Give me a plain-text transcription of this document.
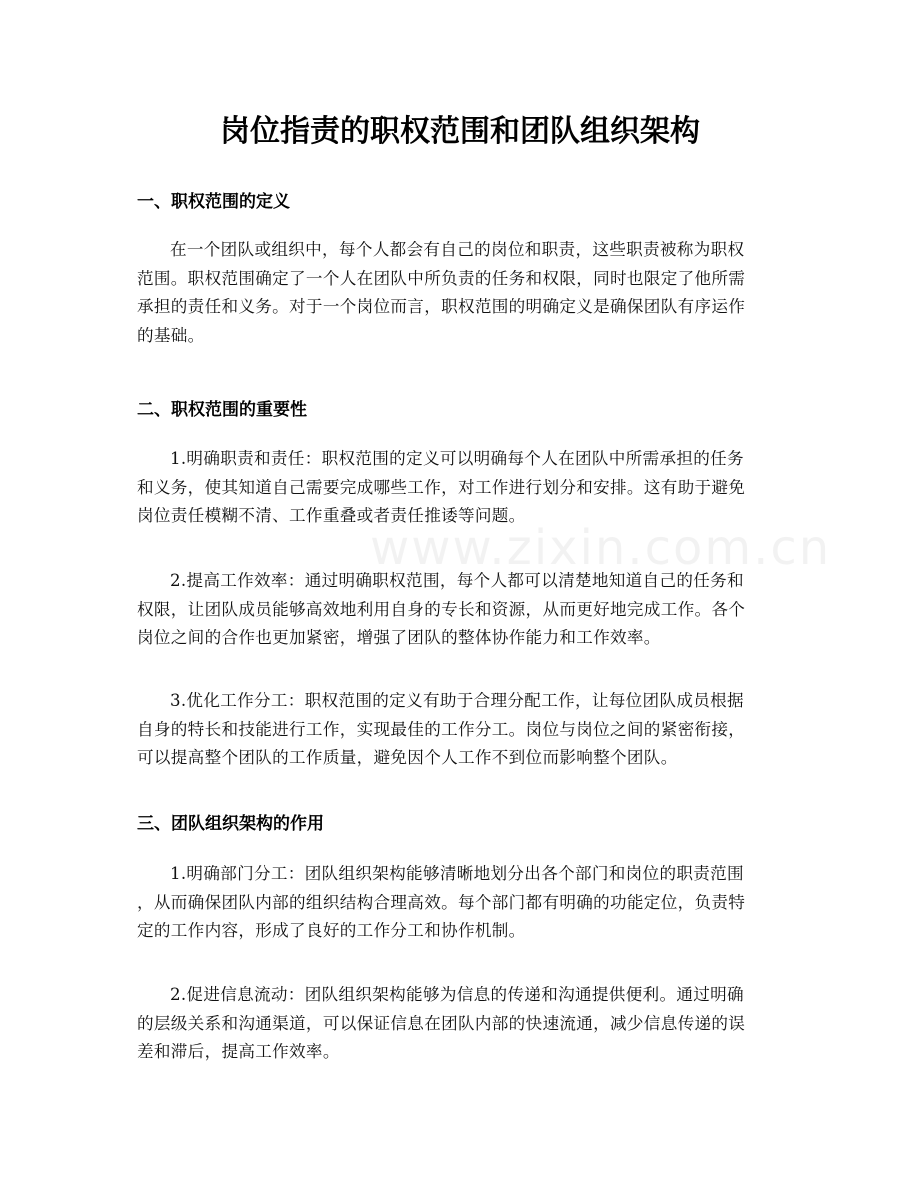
www.zixin.com.cn
岗位指责的职权范围和团队组织架构
一、职权范围的定义
在一个团队或组织中，每个人都会有自己的岗位和职责，这些职责被称为职权
范围。职权范围确定了一个人在团队中所负责的任务和权限，同时也限定了他所需
承担的责任和义务。对于一个岗位而言，职权范围的明确定义是确保团队有序运作
的基础。
二、职权范围的重要性
1.明确职责和责任：职权范围的定义可以明确每个人在团队中所需承担的任务
和义务，使其知道自己需要完成哪些工作，对工作进行划分和安排。这有助于避免
岗位责任模糊不清、工作重叠或者责任推诿等问题。
2.提高工作效率：通过明确职权范围，每个人都可以清楚地知道自己的任务和
权限，让团队成员能够高效地利用自身的专长和资源，从而更好地完成工作。各个
岗位之间的合作也更加紧密，增强了团队的整体协作能力和工作效率。
3.优化工作分工：职权范围的定义有助于合理分配工作，让每位团队成员根据
自身的特长和技能进行工作，实现最佳的工作分工。岗位与岗位之间的紧密衔接，
可以提高整个团队的工作质量，避免因个人工作不到位而影响整个团队。
三、团队组织架构的作用
1.明确部门分工：团队组织架构能够清晰地划分出各个部门和岗位的职责范围
，从而确保团队内部的组织结构合理高效。每个部门都有明确的功能定位，负责特
定的工作内容，形成了良好的工作分工和协作机制。
2.促进信息流动：团队组织架构能够为信息的传递和沟通提供便利。通过明确
的层级关系和沟通渠道，可以保证信息在团队内部的快速流通，减少信息传递的误
差和滞后，提高工作效率。
